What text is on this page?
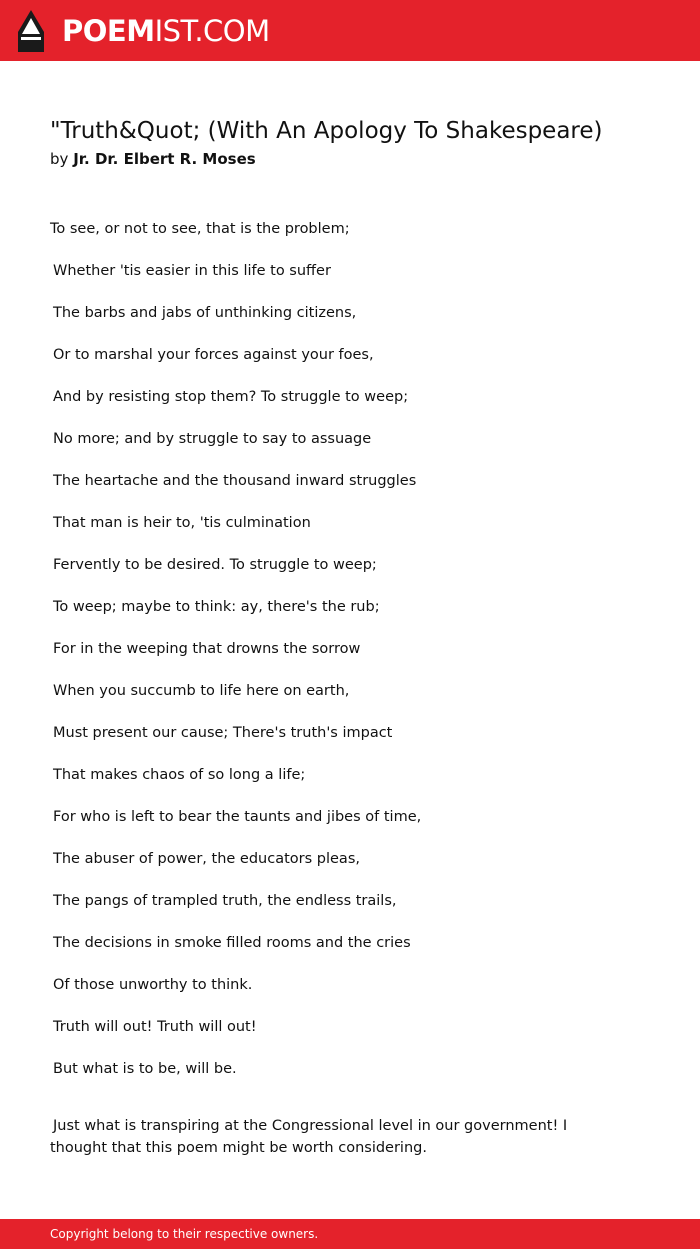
POEMIST.COM
"Truth&Quot; (With An Apology To Shakespeare)
by Jr. Dr. Elbert R. Moses
To see, or not to see, that is the problem;
Whether 'tis easier in this life to suffer
The barbs and jabs of unthinking citizens,
Or to marshal your forces against your foes,
And by resisting stop them? To struggle to weep;
No more; and by struggle to say to assuage
The heartache and the thousand inward struggles
That man is heir to, 'tis culmination
Fervently to be desired. To struggle to weep;
To weep; maybe to think: ay, there's the rub;
For in the weeping that drowns the sorrow
When you succumb to life here on earth,
Must present our cause; There's truth's impact
That makes chaos of so long a life;
For who is left to bear the taunts and jibes of time,
The abuser of power, the educators pleas,
The pangs of trampled truth, the endless trails,
The decisions in smoke filled rooms and the cries
Of those unworthy to think.
Truth will out! Truth will out!
But what is to be, will be.

Just what is transpiring at the Congressional level in our government! I thought that this poem might be worth considering.

Copyright belong to their respective owners.
